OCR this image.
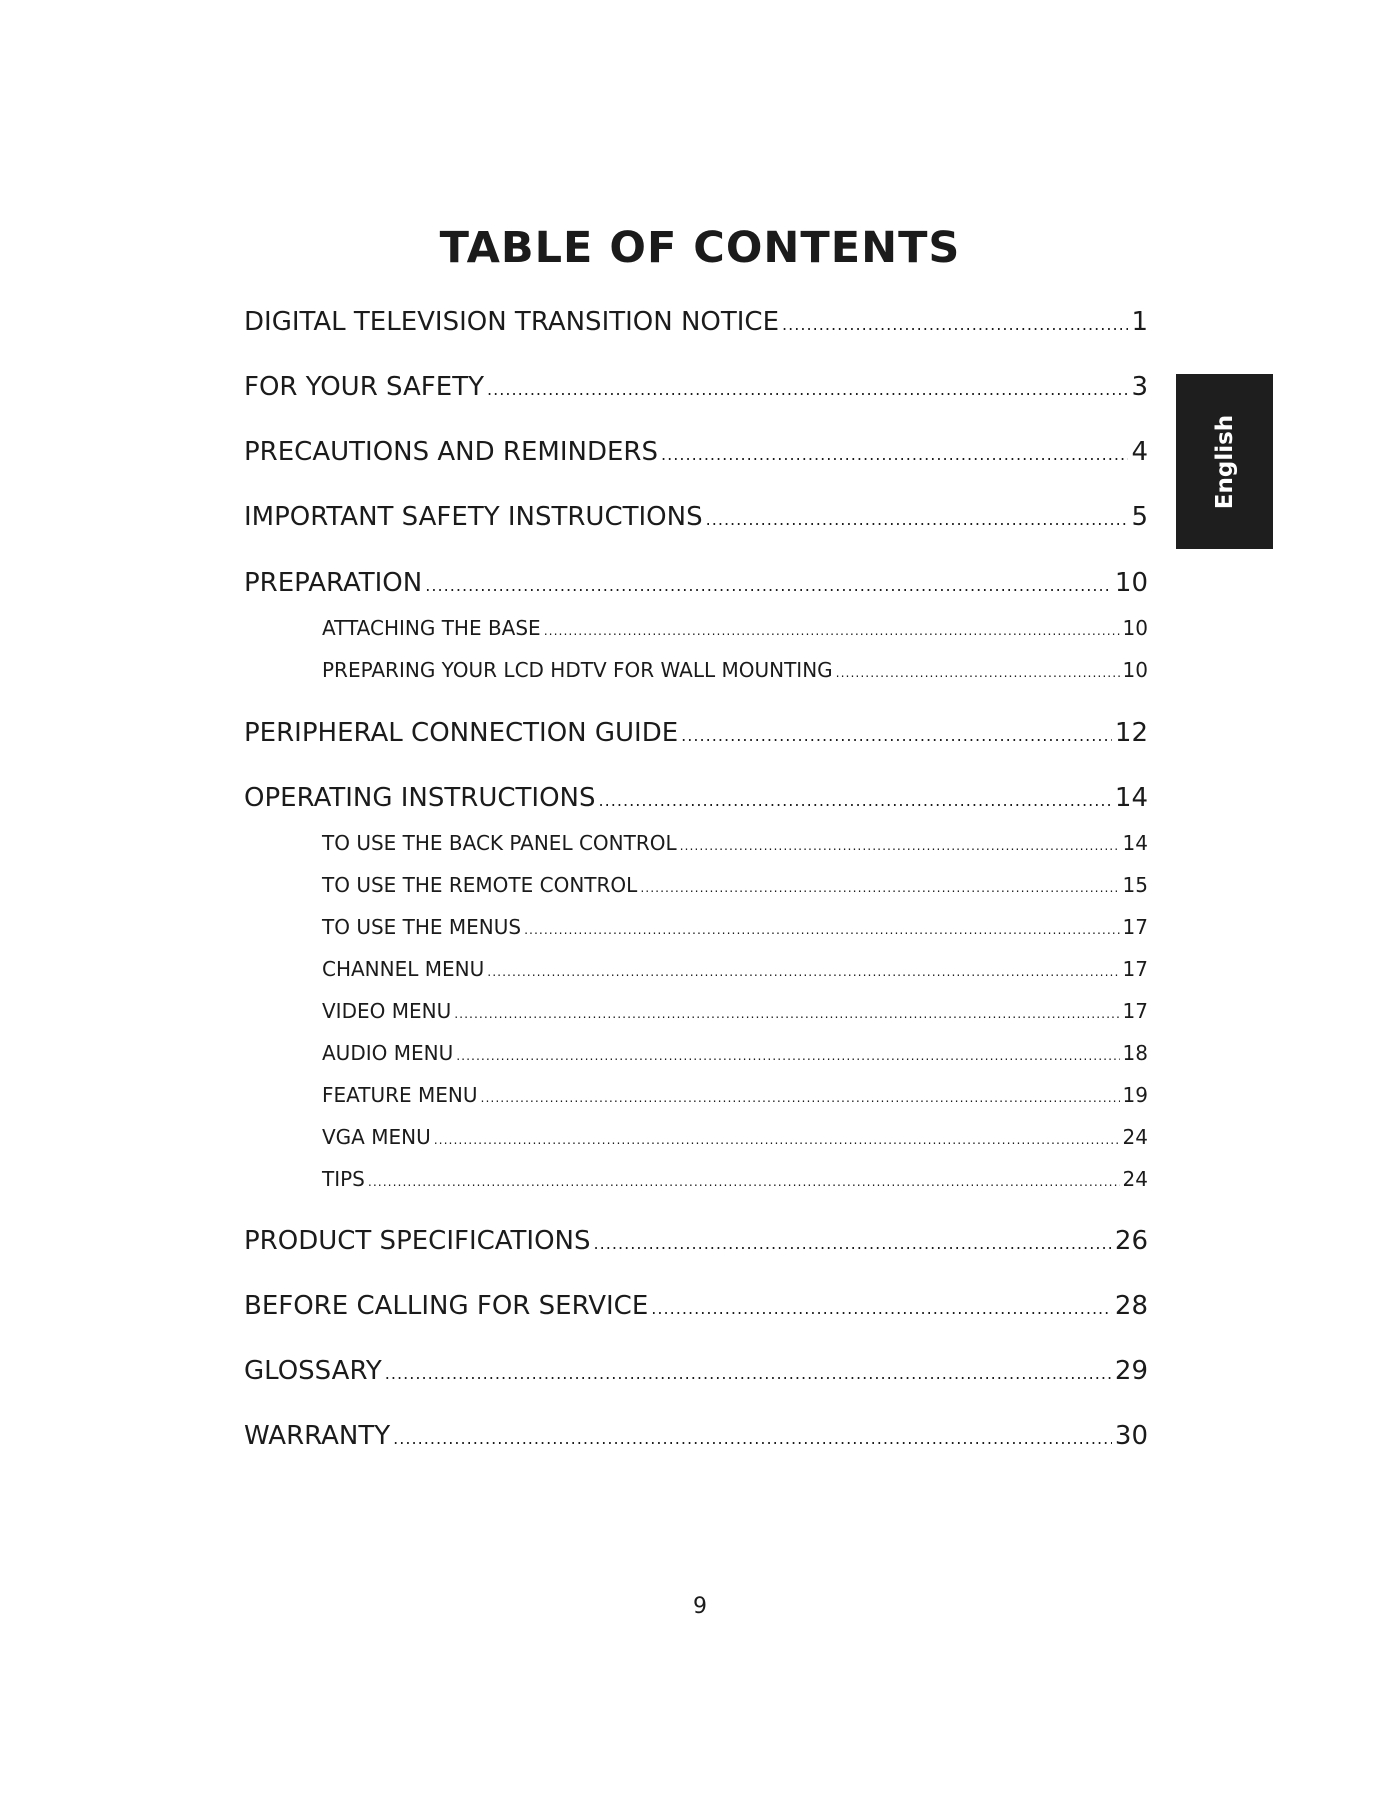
TABLE OF CONTENTS
English
DIGITAL TELEVISION TRANSITION NOTICE .....	1
FOR YOUR SAFETY .....	3
PRECAUTIONS AND REMINDERS .....	4
IMPORTANT SAFETY INSTRUCTIONS .....	5
PREPARATION .....	10
ATTACHING THE BASE .....	10
PREPARING YOUR LCD HDTV FOR WALL MOUNTING .....	10
PERIPHERAL CONNECTION GUIDE .....	12
OPERATING INSTRUCTIONS .....	14
TO USE THE BACK PANEL CONTROL .....	14
TO USE THE REMOTE CONTROL .....	15
TO USE THE MENUS .....	17
CHANNEL MENU .....	17
VIDEO MENU .....	17
AUDIO MENU .....	18
FEATURE MENU .....	19
VGA MENU .....	24
TIPS .....	24
PRODUCT SPECIFICATIONS .....	26
BEFORE CALLING FOR SERVICE .....	28
GLOSSARY .....	29
WARRANTY .....	30
9
